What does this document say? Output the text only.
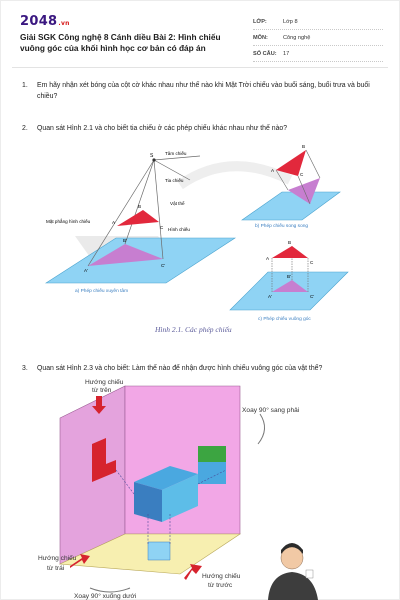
2048.vn
Giải SGK Công nghệ 8 Cánh diều Bài 2: Hình chiếu vuông góc của khối hình học cơ bản có đáp án
LỚP:	Lớp 8
MÔN:	Công nghệ
SỐ CÂU:	17
1. Em hãy nhận xét bóng của cột cờ khác nhau như thế nào khi Mặt Trời chiếu vào buổi sáng, buổi trưa và buổi chiều?
2. Quan sát Hình 2.1 và cho biết tia chiếu ở các phép chiếu khác nhau như thế nào?
S	Tâm chiếu
Tia chiếu
Vật thể
Mặt phẳng hình chiếu
Hình chiếu
A
B
C
A'
B'
C'
a) Phép chiếu xuyên tâm
A
B
C
b) Phép chiếu song song
A
B
C
A'
B'
C'
c) Phép chiếu vuông góc
Hình 2.1. Các phép chiếu
3. Quan sát Hình 2.3 và cho biết: Làm thế nào để nhận được hình chiếu vuông góc của vật thể?
Hướng chiếu từ trên
Xoay 90° sang phải
Hướng chiếu từ trái
Hướng chiếu từ trước
Xoay 90° xuống dưới
